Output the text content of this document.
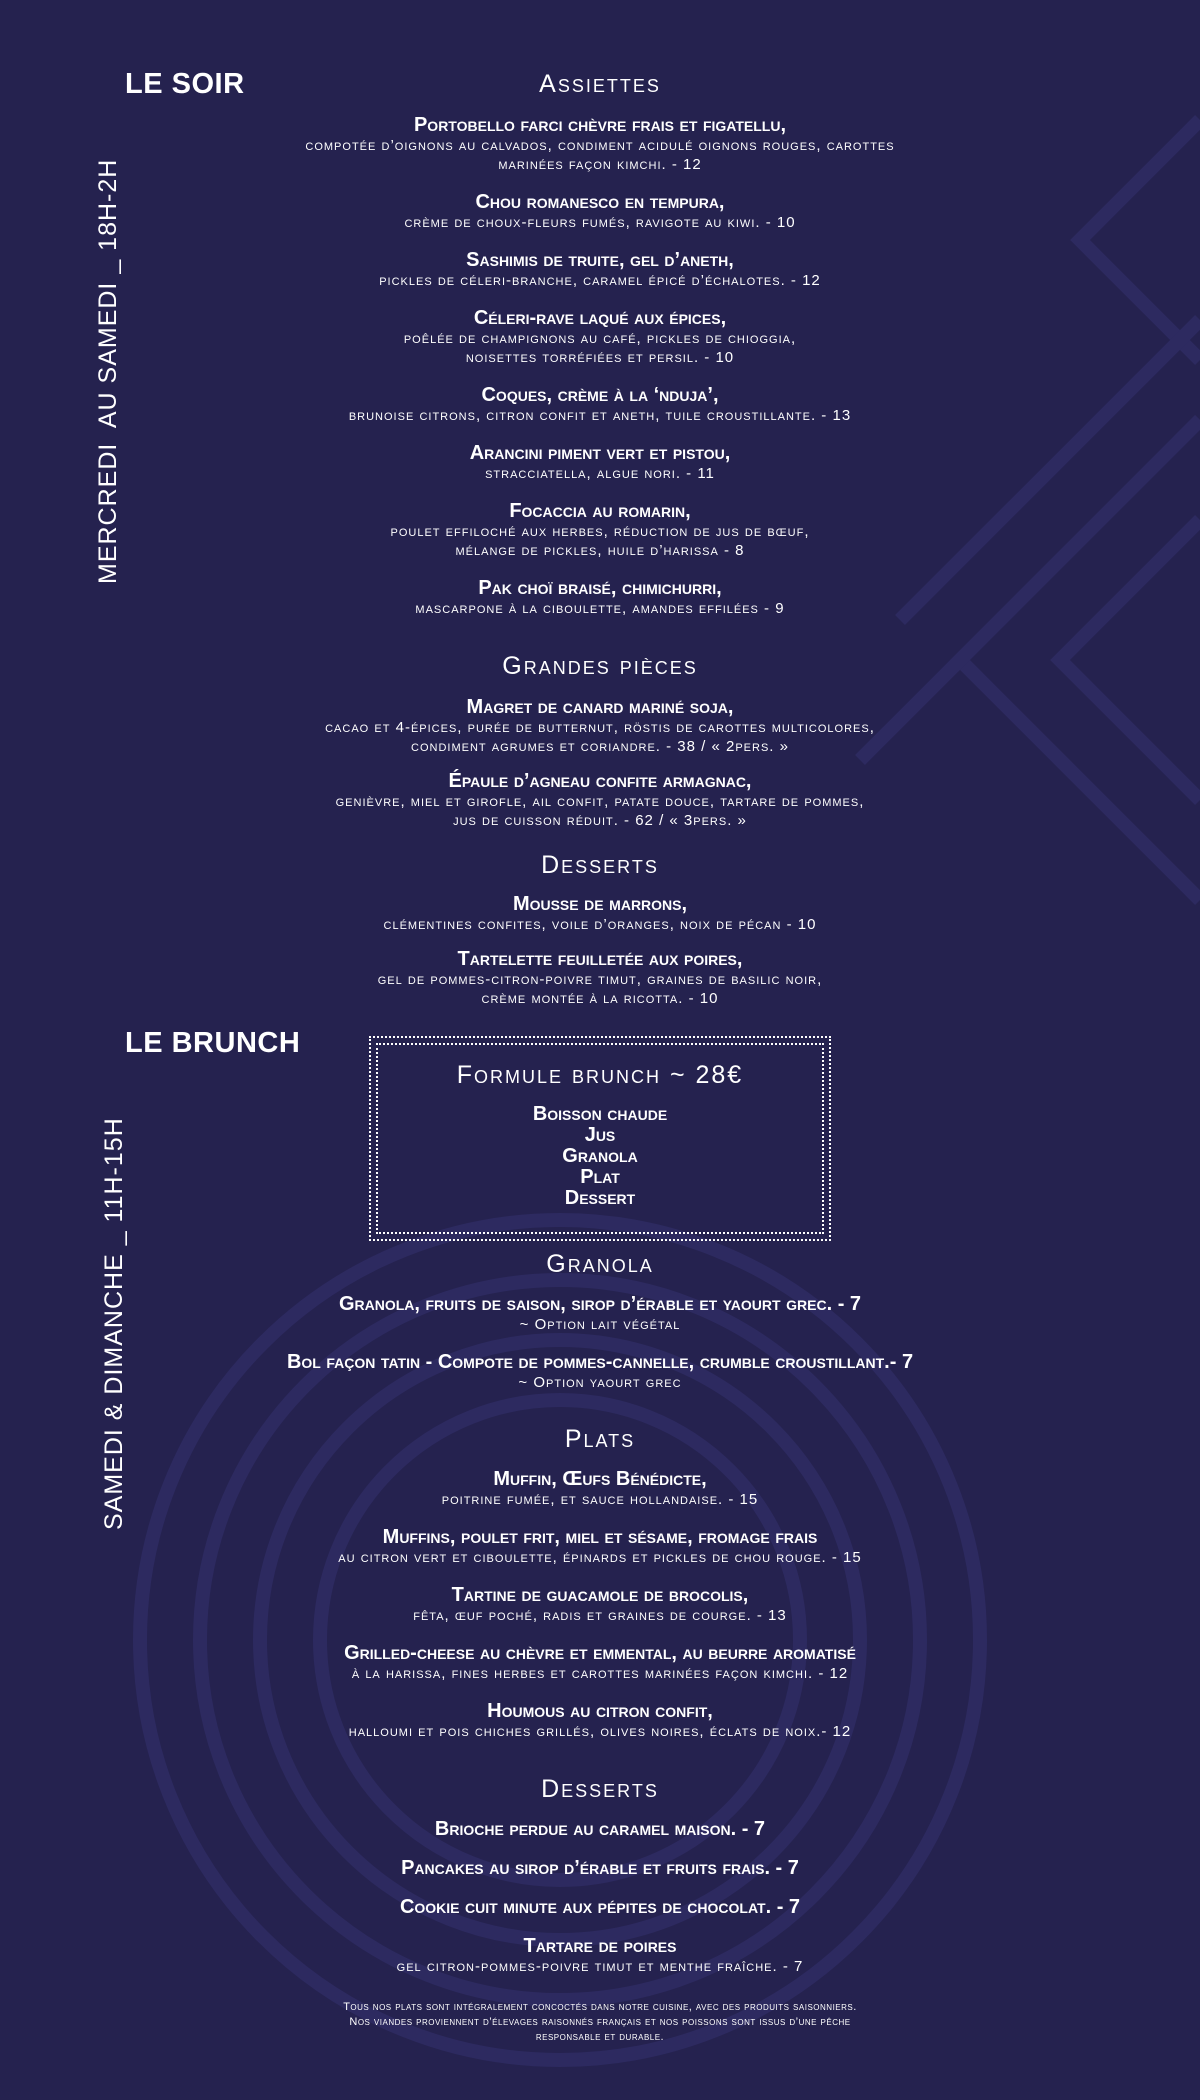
MERCREDI  AU SAMEDI _ 18H-2H
LE SOIR	Assiettes
Portobello farci chèvre frais et figatellu,
compotée d’oignons au calvados, condiment acidulé oignons rouges, carottes
marinées façon kimchi. - 12
Chou romanesco en tempura,
crème de choux-fleurs fumés, ravigote au kiwi. - 10
Sashimis de truite, gel d’aneth,
pickles de céleri-branche, caramel épicé d’échalotes. - 12
Céleri-rave laqué aux épices,
poêlée de champignons au café, pickles de chioggia,
noisettes torréfiées et persil. - 10
Coques, crème à la ‘nduja’,
brunoise citrons, citron confit et aneth, tuile croustillante. - 13
Arancini piment vert et pistou,
stracciatella, algue nori. - 11
Focaccia au romarin,
poulet effiloché aux herbes, réduction de jus de bœuf,
mélange de pickles, huile d’harissa - 8
Pak choï braisé, chimichurri,
mascarpone à la ciboulette, amandes effilées - 9
Grandes pièces
Magret de canard mariné soja,
cacao et 4-épices, purée de butternut, röstis de carottes multicolores,
condiment agrumes et coriandre. - 38 / « 2pers. »
Épaule d’agneau confite armagnac,
genièvre, miel et girofle, ail confit, patate douce, tartare de pommes,
jus de cuisson réduit. - 62 / « 3pers. »
Desserts
Mousse de marrons,
clémentines confites, voile d’oranges, noix de pécan - 10
Tartelette feuilletée aux poires,
gel de pommes-citron-poivre timut, graines de basilic noir,
crème montée à la ricotta. - 10
SAMEDI & DIMANCHE _ 11H-15H
LE BRUNCH
Formule brunch ~ 28€
Boisson chaude
Jus
Granola
Plat
Dessert
Granola
Granola, fruits de saison, sirop d’érable et yaourt grec. - 7
~ Option lait végétal
Bol façon tatin - Compote de pommes-cannelle, crumble croustillant.- 7
~ Option yaourt grec
Plats
Muffin, Œufs Bénédicte,
poitrine fumée, et sauce hollandaise. - 15
Muffins, poulet frit, miel et sésame, fromage frais
au citron vert et ciboulette, épinards et pickles de chou rouge. - 15
Tartine de guacamole de brocolis,
fêta, œuf poché, radis et graines de courge. - 13
Grilled-cheese au chèvre et emmental, au beurre aromatisé
à la harissa, fines herbes et carottes marinées façon kimchi. - 12
Houmous au citron confit,
halloumi et pois chiches grillés, olives noires, éclats de noix.- 12
Desserts
Brioche perdue au caramel maison. - 7
Pancakes au sirop d’érable et fruits frais. - 7
Cookie cuit minute aux pépites de chocolat. - 7
Tartare de poires
gel citron-pommes-poivre timut et menthe fraîche. - 7
Tous nos plats sont intégralement concoctés dans notre cuisine, avec des produits saisonniers.
Nos viandes proviennent d’élevages raisonnés français et nos poissons sont issus d’une pêche
responsable et durable.
